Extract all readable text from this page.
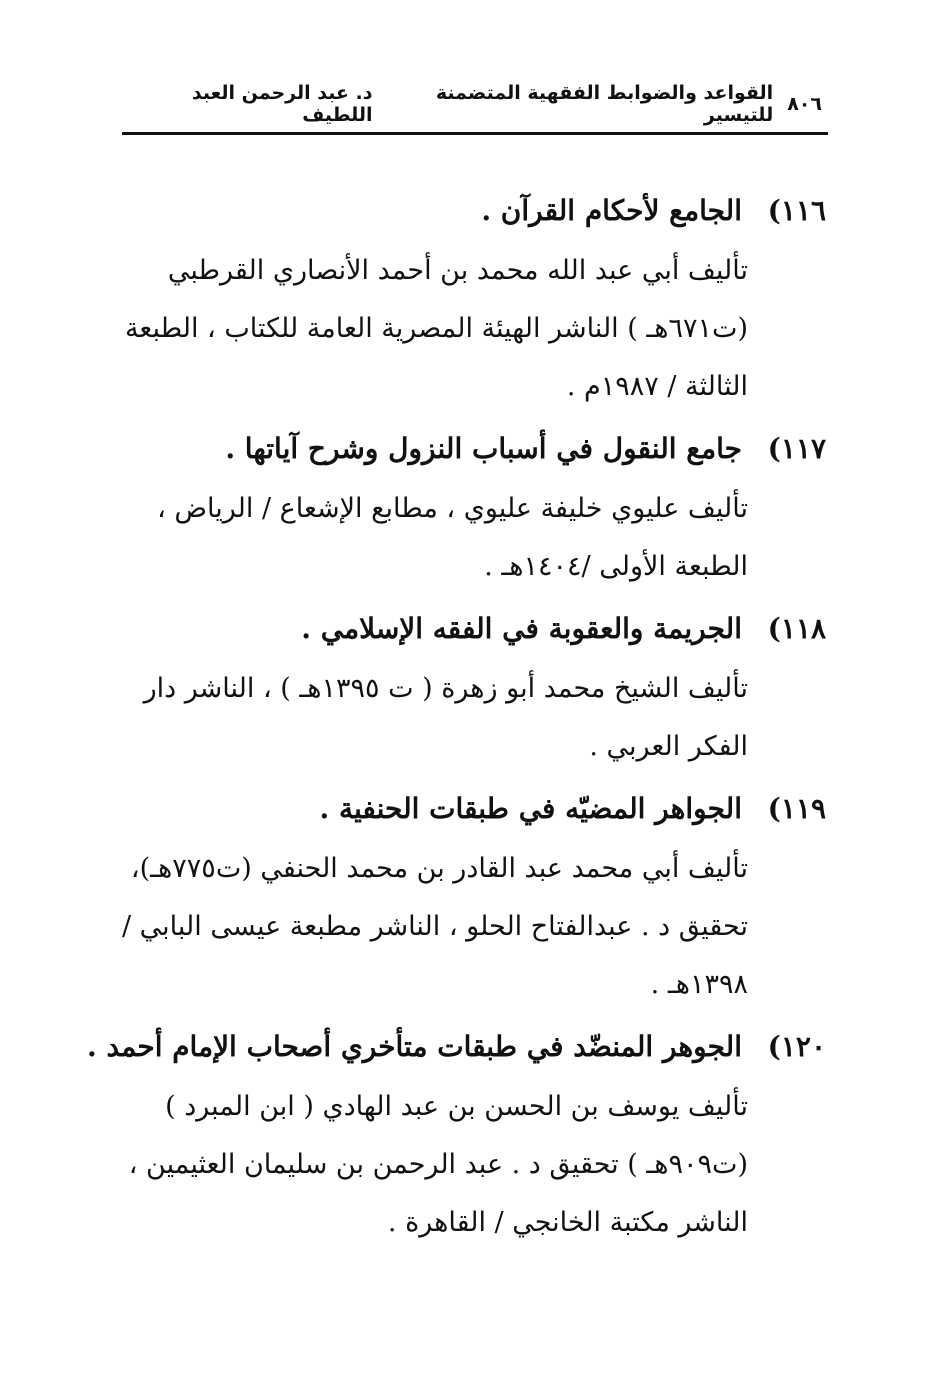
٨٠٦
القواعد والضوابط الفقهية المتضمنة للتيسير
د. عبد الرحمن العبد اللطيف
١١٦)
الجامع لأحكام القرآن .
تأليف أبي عبد الله محمد بن أحمد الأنصاري القرطبي
(ت٦٧١هـ ) الناشر الهيئة المصرية العامة للكتاب ، الطبعة
الثالثة / ١٩٨٧م .
١١٧)
جامع النقول في أسباب النزول وشرح آياتها .
تأليف عليوي خليفة عليوي ، مطابع الإشعاع / الرياض ،
الطبعة الأولى /١٤٠٤هـ .
١١٨)
الجريمة والعقوبة في الفقه الإسلامي .
تأليف الشيخ محمد أبو زهرة ( ت ١٣٩٥هـ ) ، الناشر دار
الفكر العربي .
١١٩)
الجواهر المضيّه في طبقات الحنفية .
تأليف أبي محمد عبد القادر بن محمد الحنفي (ت٧٧٥هـ)،
تحقيق د . عبدالفتاح الحلو ، الناشر مطبعة عيسى البابي /
١٣٩٨هـ .
١٢٠)
الجوهر المنضّد في طبقات متأخري أصحاب الإمام أحمد .
تأليف يوسف بن الحسن بن عبد الهادي ( ابن المبرد )
(ت٩٠٩هـ ) تحقيق د . عبد الرحمن بن سليمان العثيمين ،
الناشر مكتبة الخانجي / القاهرة .
